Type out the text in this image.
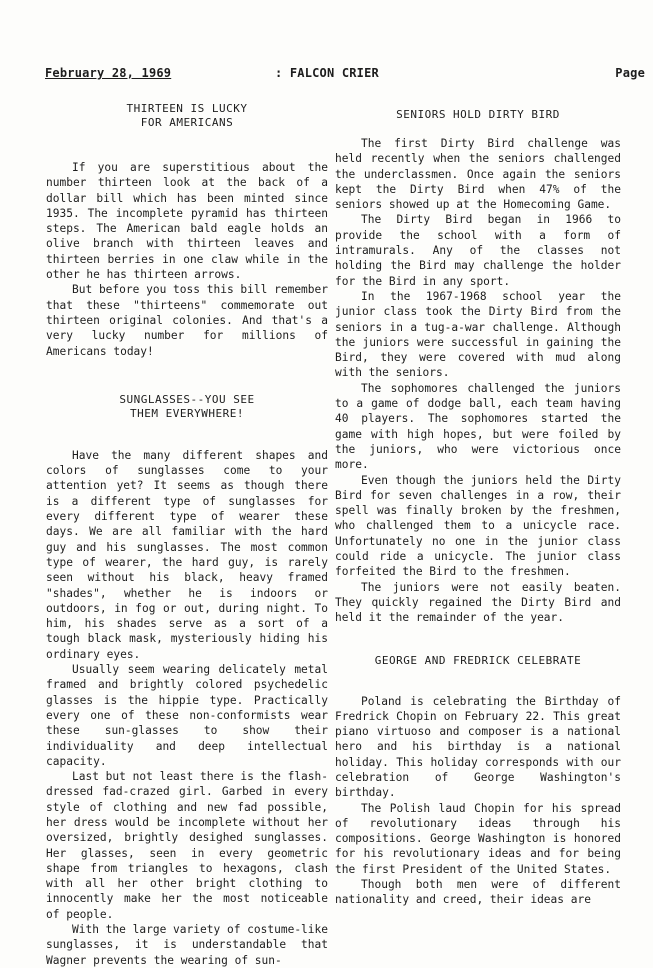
February 28, 1969	: FALCON CRIER	Page
THIRTEEN IS LUCKY
FOR AMERICANS

If you are superstitious about the number thirteen look at the back of a dollar bill which has been minted since 1935. The incomplete pyramid has thirteen steps. The American bald eagle holds an olive branch with thirteen leaves and thirteen berries in one claw while in the other he has thirteen arrows.

But before you toss this bill remember that these "thirteens" commemorate out thirteen original colonies. And that's a very lucky number for millions of Americans today!

SUNGLASSES--YOU SEE
THEM EVERYWHERE!

Have the many different shapes and colors of sunglasses come to your attention yet? It seems as though there is a different type of sunglasses for every different type of wearer these days. We are all familiar with the hard guy and his sunglasses. The most common type of wearer, the hard guy, is rarely seen without his black, heavy framed "shades", whether he is indoors or outdoors, in fog or out, during night. To him, his shades serve as a sort of a tough black mask, mysteriously hiding his ordinary eyes.

Usually seem wearing delicately metal framed and brightly colored psychedelic glasses is the hippie type. Practically every one of these non-conformists wear these sun-glasses to show their individuality and deep intellectual capacity.

Last but not least there is the flash-dressed fad-crazed girl. Garbed in every style of clothing and new fad possible, her dress would be incomplete without her oversized, brightly desighed sunglasses. Her glasses, seen in every geometric shape from triangles to hexagons, clash with all her other bright clothing to innocently make her the most noticeable of people.

With the large variety of costume-like sunglasses, it is understandable that Wagner prevents the wearing of sun-

SENIORS HOLD DIRTY BIRD

The first Dirty Bird challenge was held recently when the seniors challenged the underclassmen. Once again the seniors kept the Dirty Bird when 47% of the seniors showed up at the Homecoming Game.

The Dirty Bird began in 1966 to provide the school with a form of intramurals. Any of the classes not holding the Bird may challenge the holder for the Bird in any sport.

In the 1967-1968 school year the junior class took the Dirty Bird from the seniors in a tug-a-war challenge. Although the juniors were successful in gaining the Bird, they were covered with mud along with the seniors.

The sophomores challenged the juniors to a game of dodge ball, each team having 40 players. The sophomores started the game with high hopes, but were foiled by the juniors, who were victorious once more.

Even though the juniors held the Dirty Bird for seven challenges in a row, their spell was finally broken by the freshmen, who challenged them to a unicycle race. Unfortunately no one in the junior class could ride a unicycle. The junior class forfeited the Bird to the freshmen.

The juniors were not easily beaten. They quickly regained the Dirty Bird and held it the remainder of the year.

GEORGE AND FREDRICK CELEBRATE

Poland is celebrating the Birthday of Fredrick Chopin on February 22. This great piano virtuoso and composer is a national hero and his birthday is a national holiday. This holiday corresponds with our celebration of George Washington's birthday.

The Polish laud Chopin for his spread of revolutionary ideas through his compositions. George Washington is honored for his revolutionary ideas and for being the first President of the United States.

Though both men were of different nationality and creed, their ideas are
